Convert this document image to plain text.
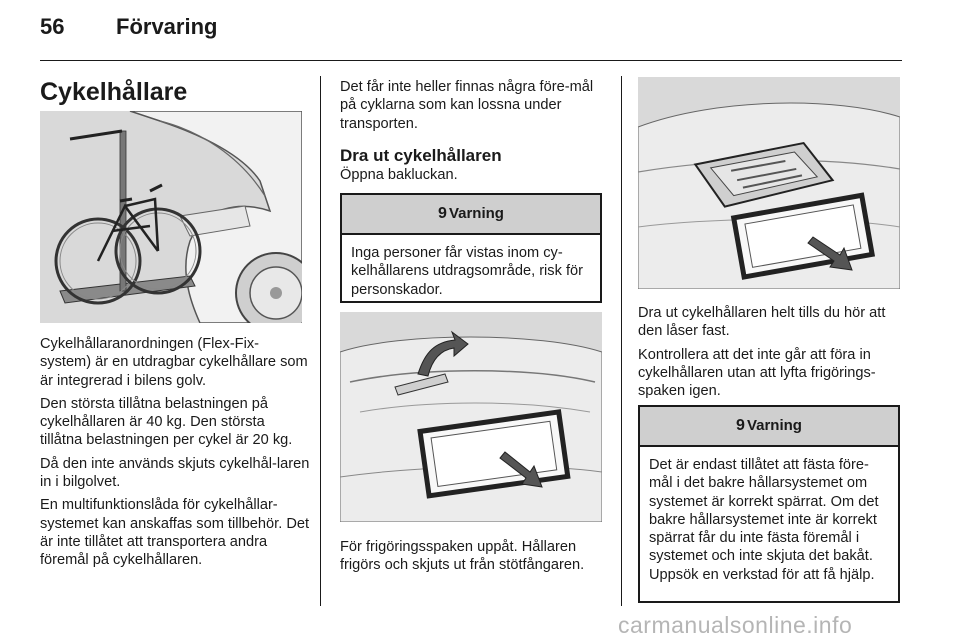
56 Förvaring
Cykelhållare

Cykelhållaranordningen (Flex-Fix-system) är en utdragbar cykelhållare som är integrerad i bilens golv.

Den största tillåtna belastningen på cykelhållaren är 40 kg. Den största tillåtna belastningen per cykel är 20 kg.

Då den inte används skjuts cykelhål-laren in i bilgolvet.

En multifunktionslåda för cykelhållar-systemet kan anskaffas som tillbehör. Det är inte tillåtet att transportera andra föremål på cykelhållaren.

Det får inte heller finnas några före-mål på cyklarna som kan lossna under transporten.

Dra ut cykelhållaren
Öppna bakluckan.
9 Varning
Inga personer får vistas inom cy-kelhållarens utdragsområde, risk för personskador.
För frigöringsspaken uppåt. Hållaren frigörs och skjuts ut från stötfångaren.

Dra ut cykelhållaren helt tills du hör att den låser fast.

Kontrollera att det inte går att föra in cykelhållaren utan att lyfta frigörings-spaken igen.

9 Varning
Det är endast tillåtet att fästa före-mål i det bakre hållarsystemet om systemet är korrekt spärrat. Om det bakre hållarsystemet inte är korrekt spärrat får du inte fästa föremål i systemet och inte skjuta det bakåt. Uppsök en verkstad för att få hjälp.
carmanualsonline.info
